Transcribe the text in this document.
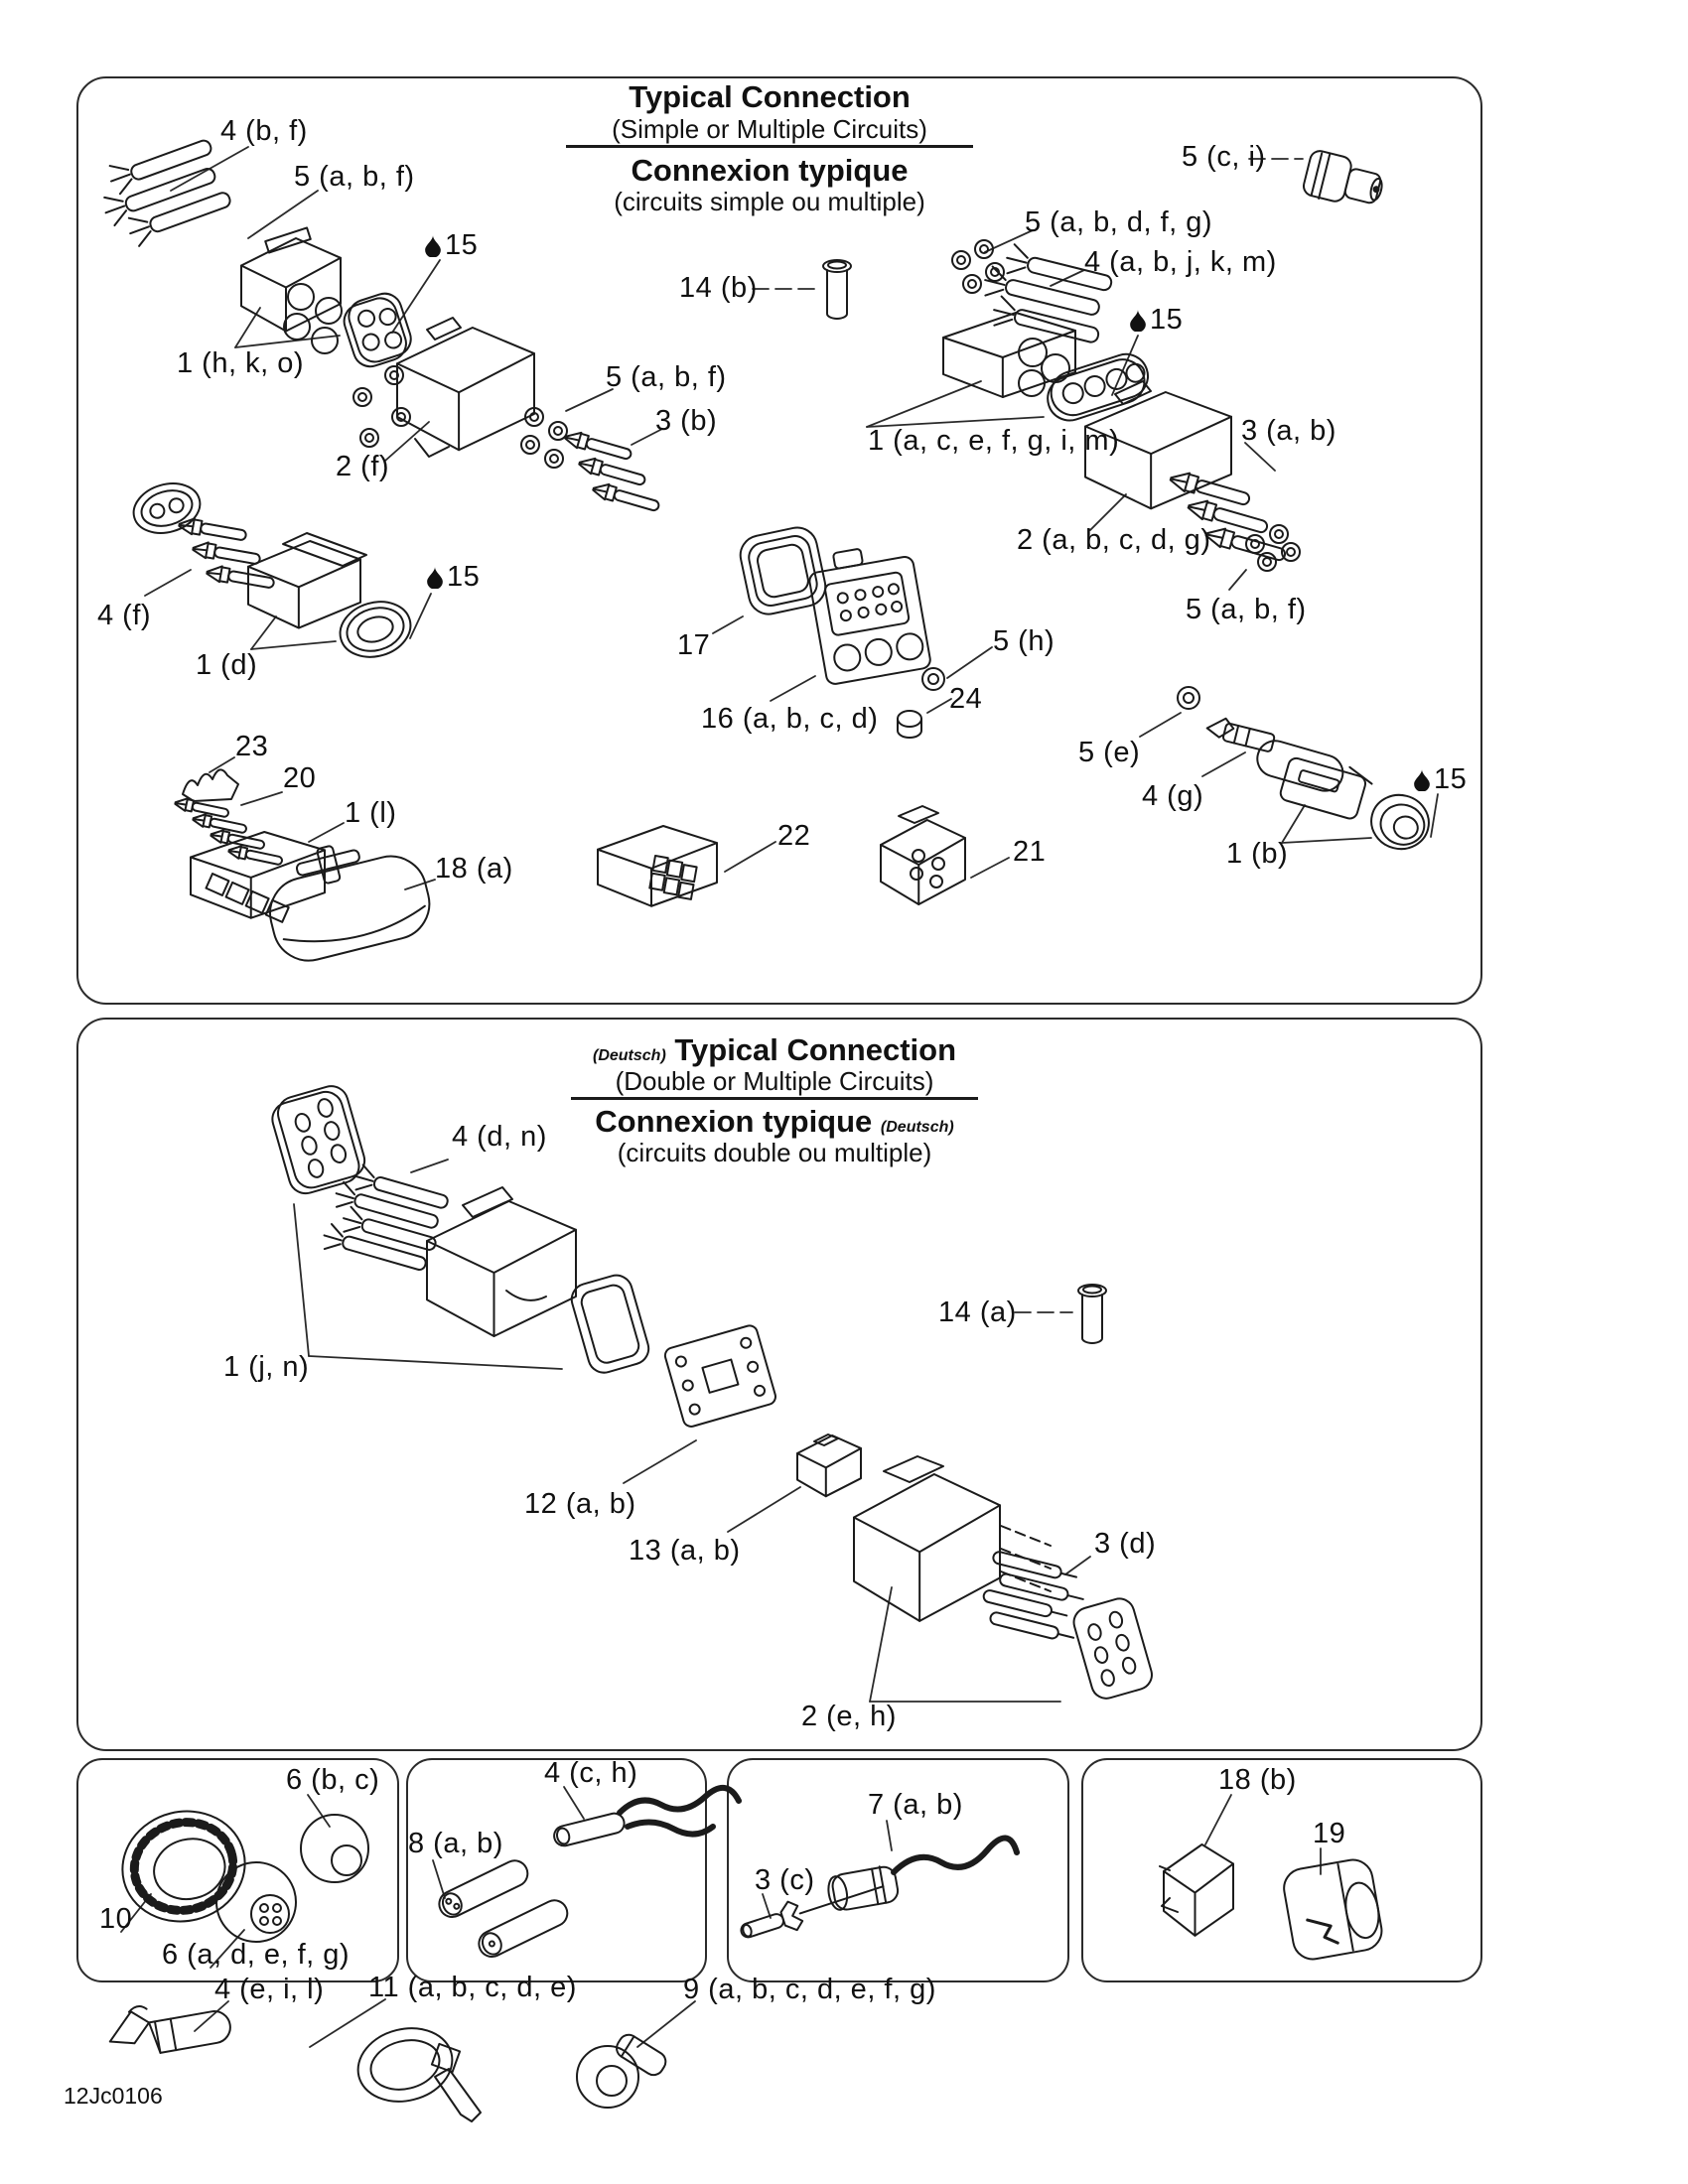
Typical Connection
(Simple or Multiple Circuits)
Connexion typique
(circuits simple ou multiple)
(Deutsch) Typical Connection
(Double or Multiple Circuits)
Connexion typique (Deutsch)
(circuits double ou multiple)
4 (b, f)
5 (a, b, f)
15
1 (h, k, o)
2 (f)
5 (a, b, f)
3 (b)
14 (b)
5 (c, i)
5 (a, b, d, f, g)
4 (a, b, j, k, m)
15
1 (a, c, e, f, g, i, m)	3 (a, b)
2 (a, b, c, d, g)
5 (a, b, f)
4 (f)
1 (d)
15
17
16 (a, b, c, d)
5 (h)
24
5 (e)
4 (g)
15
1 (b)
23
20
1 (l)
18 (a)
22	21
4 (d, n)
1 (j, n)
14 (a)
12 (a, b)
13 (a, b)	3 (d)
2 (e, h)
6 (b, c)
10
6 (a, d, e, f, g)
4 (c, h)
8 (a, b)
7 (a, b)
3 (c)
18 (b)
19
4 (e, i, l) 11 (a, b, c, d, e)	9 (a, b, c, d, e, f, g)
12Jc0106
